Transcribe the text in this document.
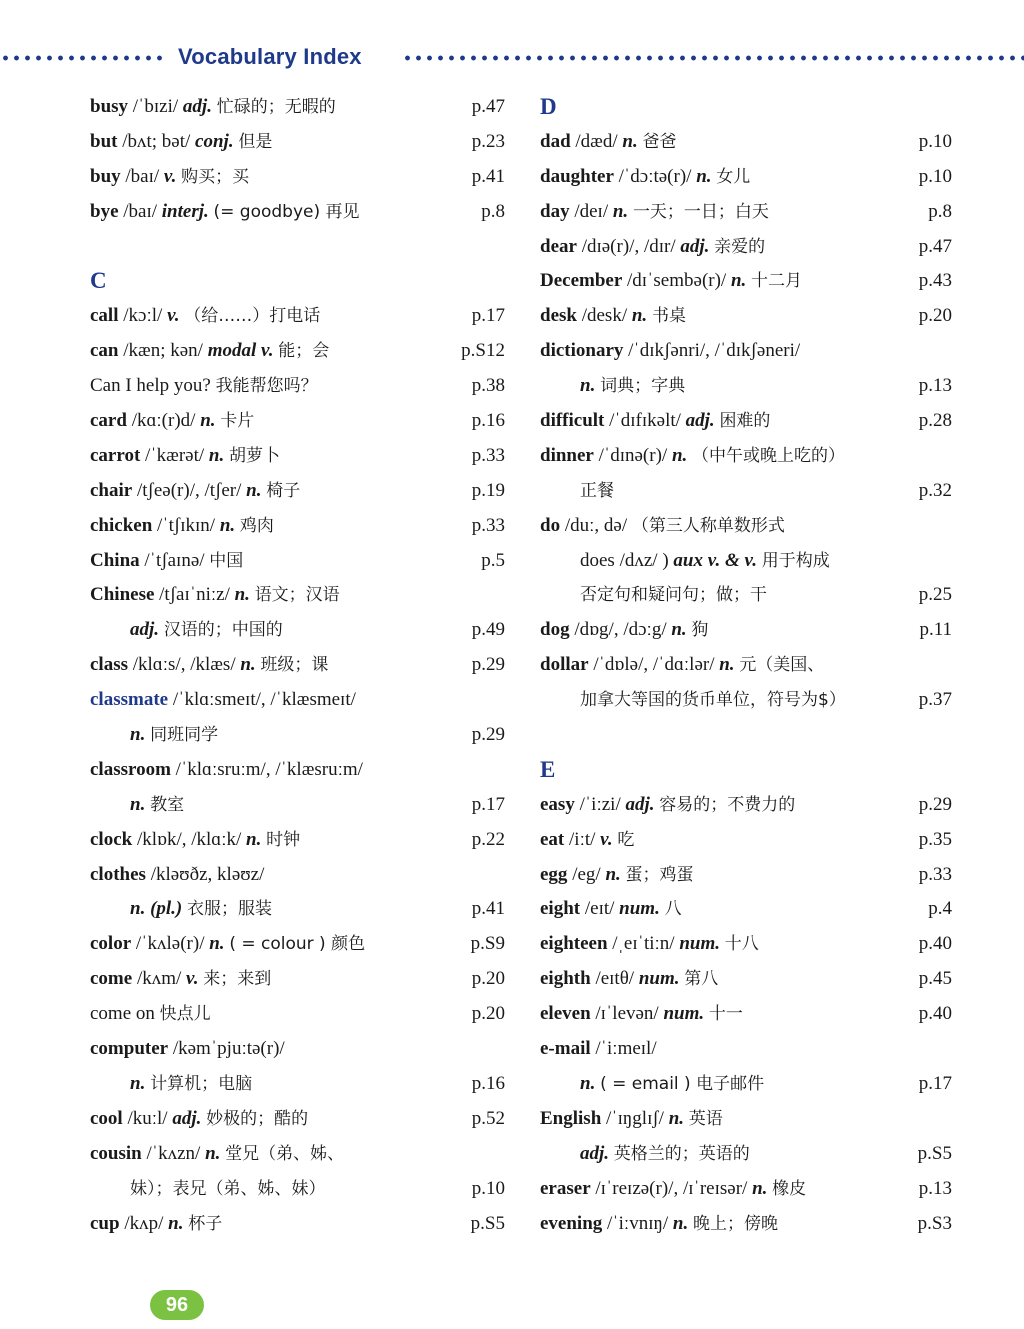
Vocabulary Index
busy /ˈbɪzi/ adj. 忙碌的；无暇的	p.47
but /bʌt; bət/ conj. 但是	p.23
buy /baɪ/ v. 购买；买	p.41
bye /baɪ/ interj. (= goodbye) 再见	p.8
C
call /kɔːl/ v. （给……）打电话	p.17
can /kæn; kən/ modal v. 能；会	p.S12
Can I help you? 我能帮您吗？	p.38
card /kɑː(r)d/ n. 卡片	p.16
carrot /ˈkærət/ n. 胡萝卜	p.33
chair /tʃeə(r)/, /tʃer/ n. 椅子	p.19
chicken /ˈtʃɪkɪn/ n. 鸡肉	p.33
China /ˈtʃaɪnə/ 中国	p.5
Chinese /tʃaɪˈniːz/ n. 语文；汉语
adj. 汉语的；中国的	p.49
class /klɑːs/, /klæs/ n. 班级；课	p.29
classmate /ˈklɑːsmeɪt/, /ˈklæsmeɪt/
n. 同班同学	p.29
classroom /ˈklɑːsruːm/, /ˈklæsruːm/
n. 教室	p.17
clock /klɒk/, /klɑːk/ n. 时钟	p.22
clothes /kləʊðz, kləʊz/
n. (pl.) 衣服；服装	p.41
color /ˈkʌlə(r)/ n. ( = colour ) 颜色	p.S9
come /kʌm/ v. 来；来到	p.20
come on 快点儿	p.20
computer /kəmˈpjuːtə(r)/
n. 计算机；电脑	p.16
cool /kuːl/ adj. 妙极的；酷的	p.52
cousin /ˈkʌzn/ n. 堂兄（弟、姊、
妹）；表兄（弟、姊、妹）	p.10
cup /kʌp/ n. 杯子	p.S5
D
dad /dæd/ n. 爸爸	p.10
daughter /ˈdɔːtə(r)/ n. 女儿	p.10
day /deɪ/ n. 一天；一日；白天	p.8
dear /dɪə(r)/, /dɪr/ adj. 亲爱的	p.47
December /dɪˈsembə(r)/ n. 十二月	p.43
desk /desk/ n. 书桌	p.20
dictionary /ˈdɪkʃənri/, /ˈdɪkʃəneri/
n. 词典；字典	p.13
difficult /ˈdɪfɪkəlt/ adj. 困难的	p.28
dinner /ˈdɪnə(r)/ n. （中午或晚上吃的）
正餐	p.32
do /duː, də/ （第三人称单数形式
does /dʌz/ ) aux v. & v. 用于构成
否定句和疑问句；做；干	p.25
dog /dɒg/, /dɔːg/ n. 狗	p.11
dollar /ˈdɒlə/, /ˈdɑːlər/ n. 元（美国、
加拿大等国的货币单位，符号为$）	p.37
E
easy /ˈiːzi/ adj. 容易的；不费力的	p.29
eat /iːt/ v. 吃	p.35
egg /eg/ n. 蛋；鸡蛋	p.33
eight /eɪt/ num. 八	p.4
eighteen /ˌeɪˈtiːn/ num. 十八	p.40
eighth /eɪtθ/ num. 第八	p.45
eleven /ɪˈlevən/ num. 十一	p.40
e-mail /ˈiːmeɪl/
n. ( = email ) 电子邮件	p.17
English /ˈɪŋglɪʃ/ n. 英语
adj. 英格兰的；英语的	p.S5
eraser /ɪˈreɪzə(r)/, /ɪˈreɪsər/ n. 橡皮	p.13
evening /ˈiːvnɪŋ/ n. 晚上；傍晚	p.S3
96
